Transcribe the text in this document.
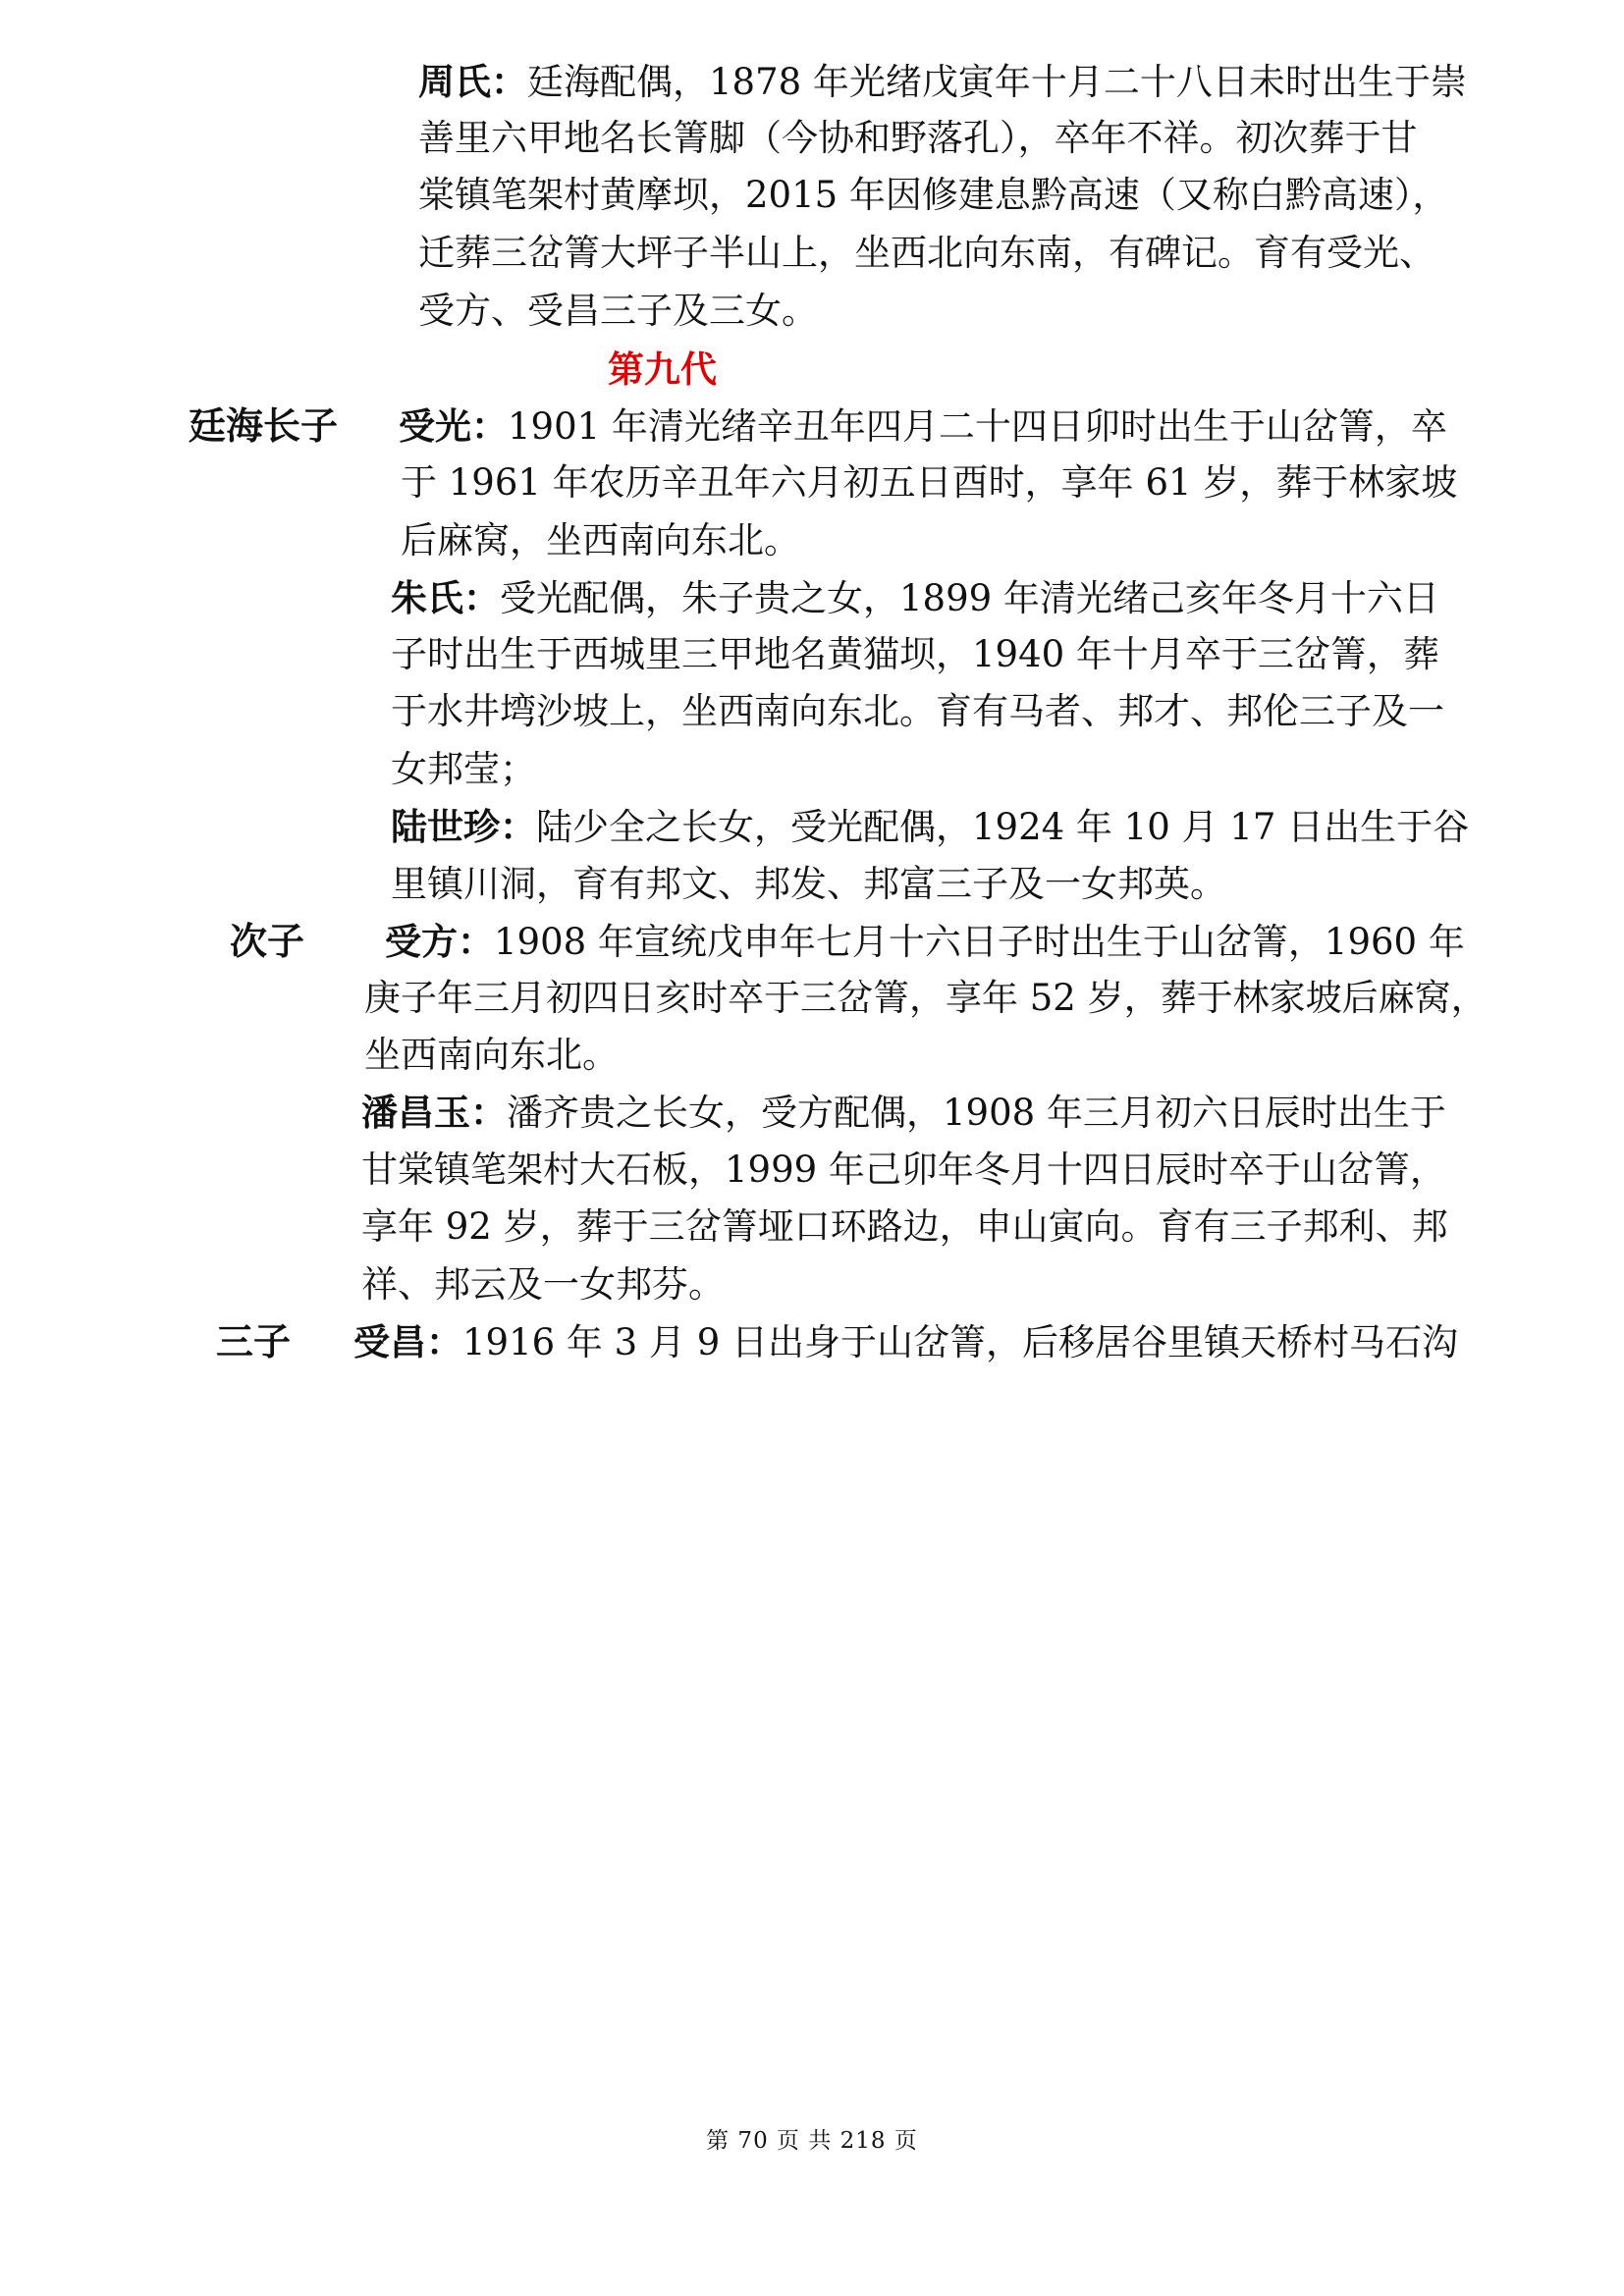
周氏：廷海配偶，1878 年光绪戊寅年十月二十八日未时出生于崇
善里六甲地名长箐脚（今协和野落孔），卒年不祥。初次葬于甘
棠镇笔架村黄摩坝，2015 年因修建息黔高速（又称白黔高速），
迁葬三岔箐大坪子半山上，坐西北向东南，有碑记。育有受光、
受方、受昌三子及三女。
第九代
廷海长子 受光：1901 年清光绪辛丑年四月二十四日卯时出生于山岔箐，卒
于 1961 年农历辛丑年六月初五日酉时，享年 61 岁，葬于林家坡
后麻窝，坐西南向东北。
朱氏：受光配偶，朱子贵之女，1899 年清光绪己亥年冬月十六日
子时出生于西城里三甲地名黄猫坝，1940 年十月卒于三岔箐，葬
于水井塆沙坡上，坐西南向东北。育有马者、邦才、邦伦三子及一
女邦莹；
陆世珍：陆少全之长女，受光配偶，1924 年 10 月 17 日出生于谷
里镇川洞，育有邦文、邦发、邦富三子及一女邦英。
次子 受方：1908 年宣统戊申年七月十六日子时出生于山岔箐，1960 年
庚子年三月初四日亥时卒于三岔箐，享年 52 岁，葬于林家坡后麻窝，
坐西南向东北。
潘昌玉：潘齐贵之长女，受方配偶，1908 年三月初六日辰时出生于
甘棠镇笔架村大石板，1999 年己卯年冬月十四日辰时卒于山岔箐，
享年 92 岁，葬于三岔箐垭口环路边，申山寅向。育有三子邦利、邦
祥、邦云及一女邦芬。
三子 受昌：1916 年 3 月 9 日出身于山岔箐，后移居谷里镇天桥村马石沟
第 70 页 共 218 页
